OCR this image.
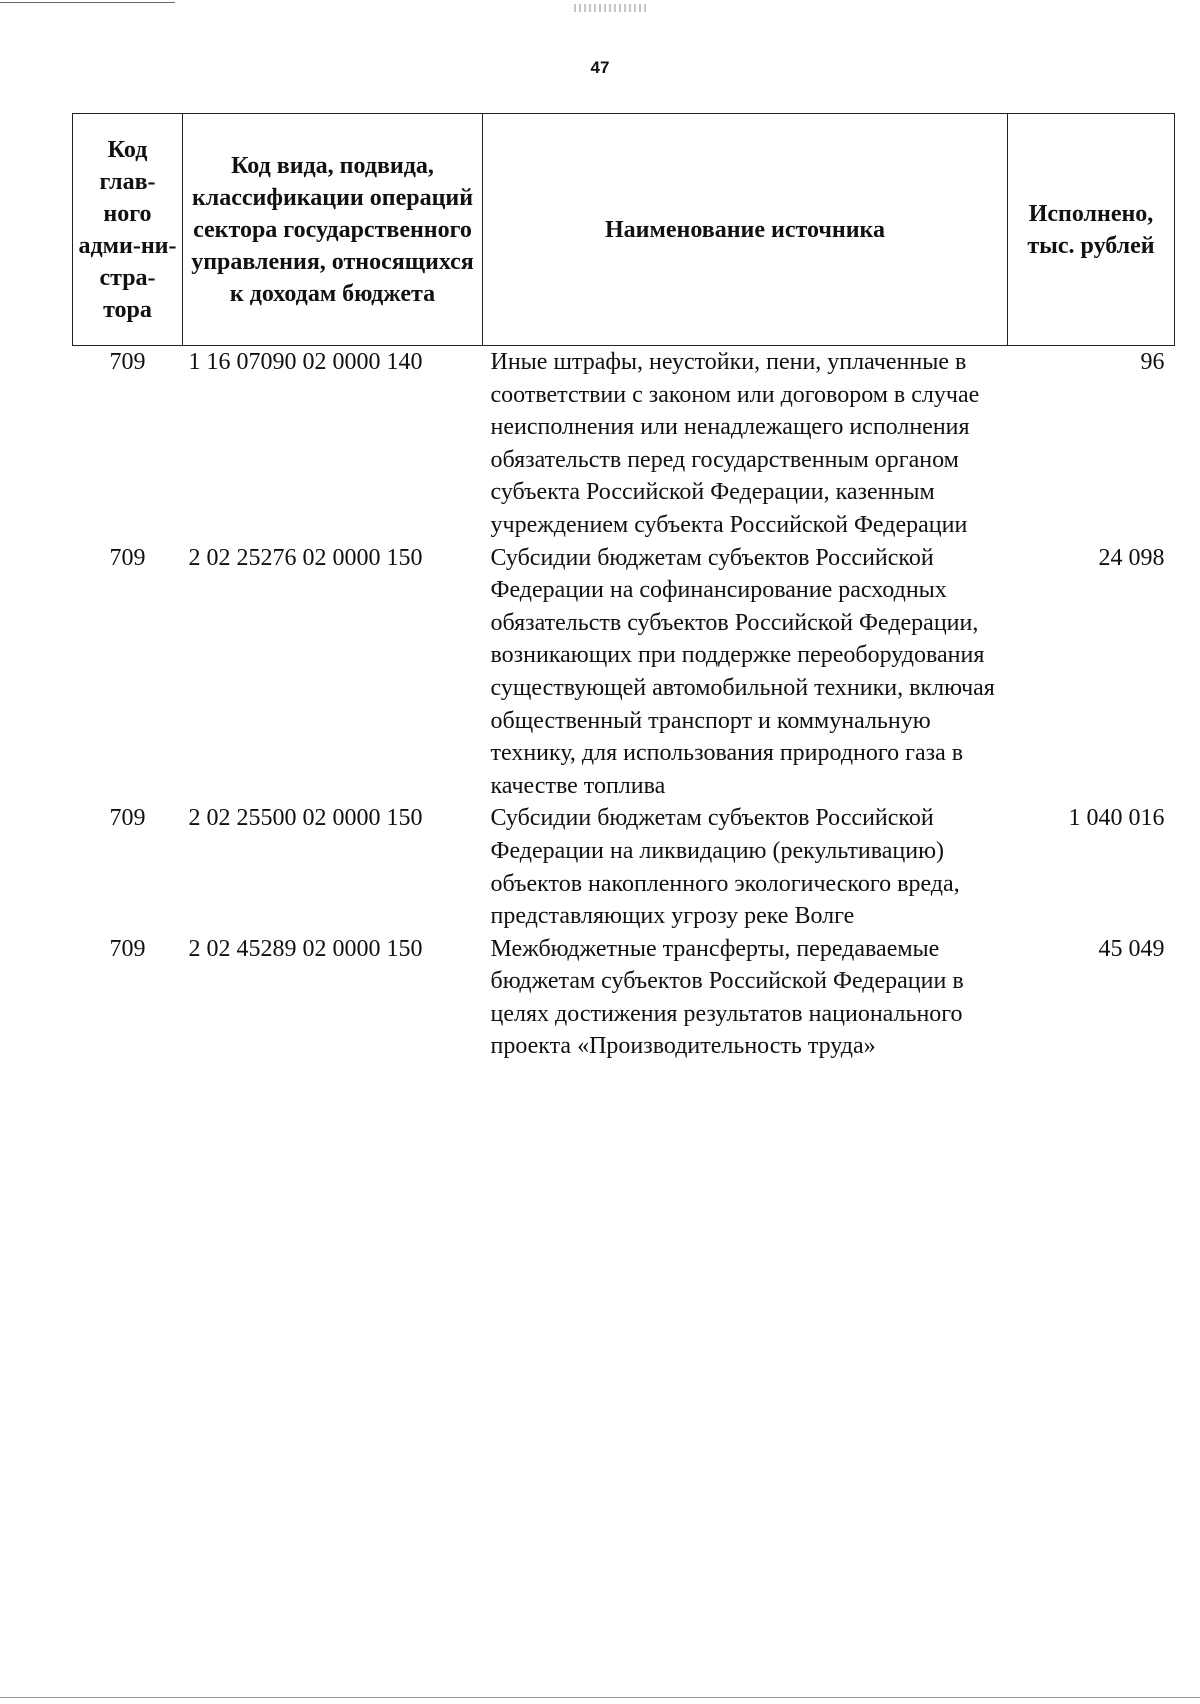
47
Код глав-ного адми-ни-стра-тора	Код вида, подвида, классификации операций сектора государственного управления, относящихся к доходам бюджета	Наименование источника	Исполнено, тыс. рублей
709	1 16 07090 02 0000 140	Иные штрафы, неустойки, пени, уплаченные в соответствии с законом или договором в случае неисполнения или ненадлежащего исполнения обязательств перед государственным органом субъекта Российской Федерации, казенным учреждением субъекта Российской Федерации	96
709	2 02 25276 02 0000 150	Субсидии бюджетам субъектов Российской Федерации на софинансирование расходных обязательств субъектов Российской Федерации, возникающих при поддержке переоборудования существующей автомобильной техники, включая общественный транспорт и коммунальную технику, для использования природного газа в качестве топлива	24 098
709	2 02 25500 02 0000 150	Субсидии бюджетам субъектов Российской Федерации на ликвидацию (рекультивацию) объектов накопленного экологического вреда, представляющих угрозу реке Волге	1 040 016
709	2 02 45289 02 0000 150	Межбюджетные трансферты, передаваемые бюджетам субъектов Российской Федерации в целях достижения результатов национального проекта «Производительность труда»	45 049
